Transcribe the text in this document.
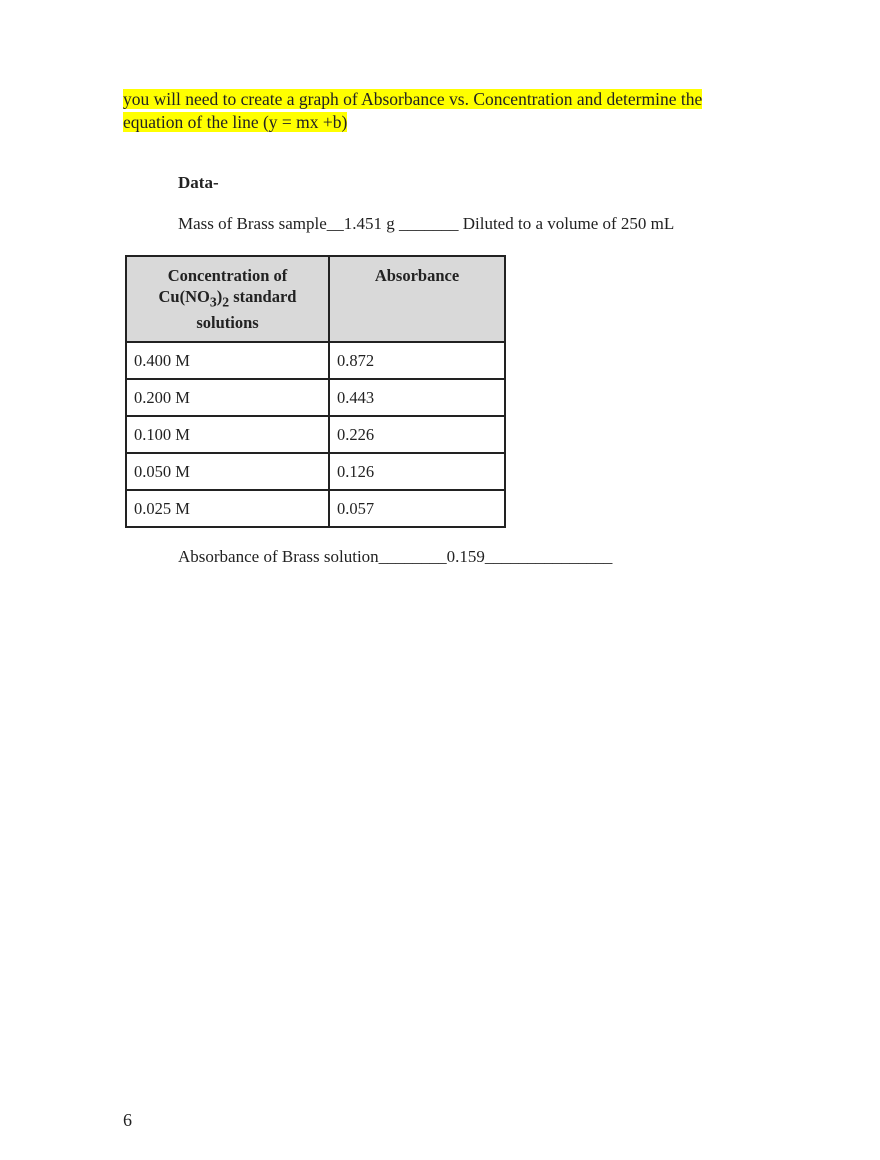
you will need to create a graph of Absorbance vs. Concentration and determine the
equation of the line (y = mx +b)
Data-
Mass of Brass sample__1.451 g _______ Diluted to a volume of 250 mL
Concentration of
$Cu(NO_3)_2$ standard
solutions	Absorbance
0.400 M	0.872
0.200 M	0.443
0.100 M	0.226
0.050 M	0.126
0.025 M	0.057
Absorbance of Brass solution________0.159_______________
6
